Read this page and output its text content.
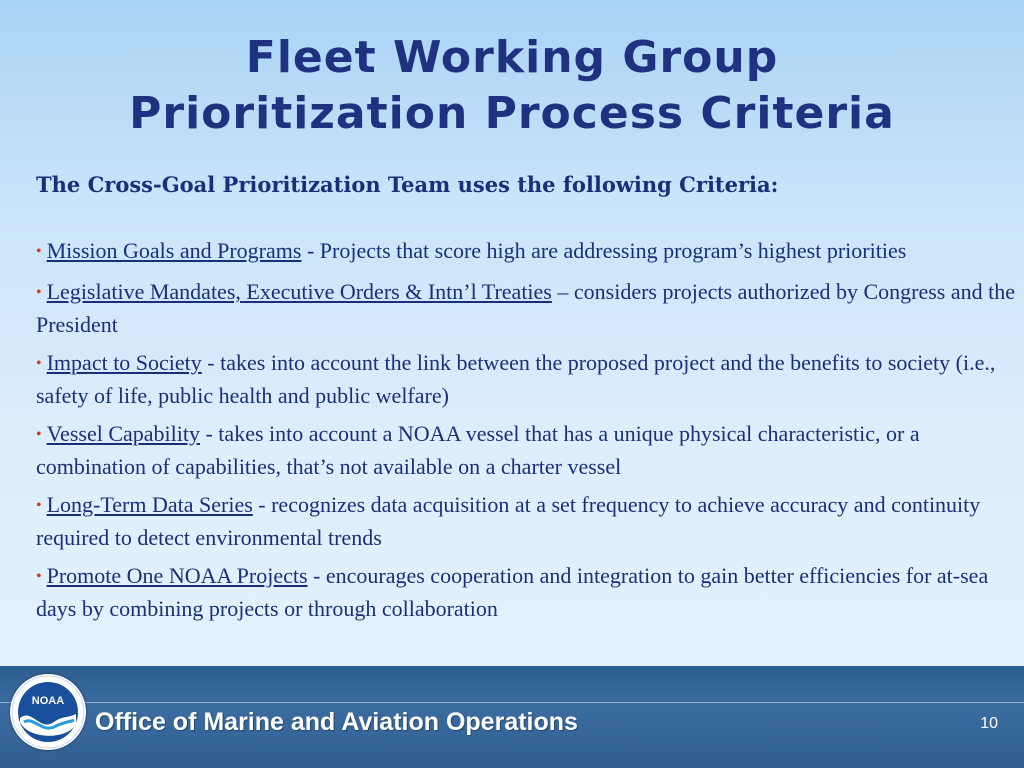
Fleet Working Group
Prioritization Process Criteria
The Cross-Goal Prioritization Team uses the following Criteria:
• Mission Goals and Programs - Projects that score high are addressing program’s highest priorities
• Legislative Mandates, Executive Orders & Intn’l Treaties – considers projects authorized by Congress and the President
• Impact to Society - takes into account the link between the proposed project and the benefits to society (i.e., safety of life, public health and public welfare)
• Vessel Capability - takes into account a NOAA vessel that has a unique physical characteristic, or a combination of capabilities, that’s not available on a charter vessel
• Long-Term Data Series - recognizes data acquisition at a set frequency to achieve accuracy and continuity required to detect environmental trends
• Promote One NOAA Projects - encourages cooperation and integration to gain better efficiencies for at-sea days by combining projects or through collaboration
NOAA
Office of Marine and Aviation Operations	10
